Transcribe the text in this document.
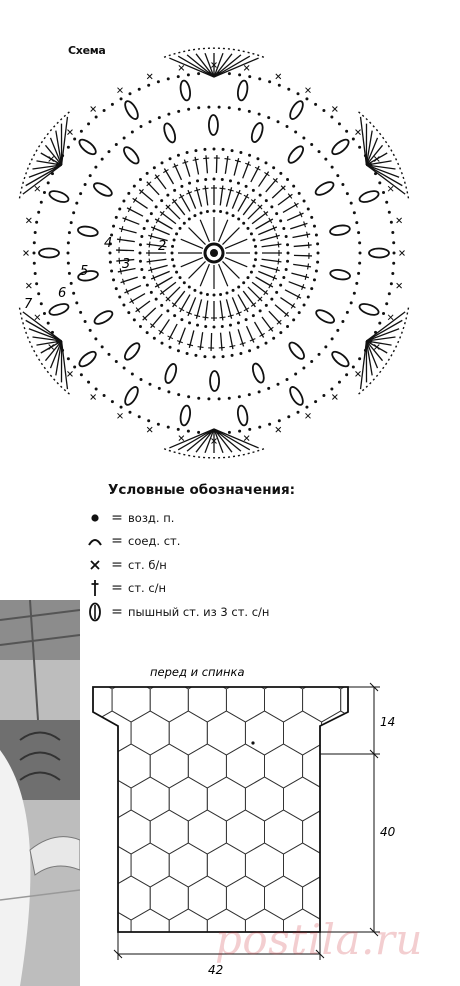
Схема
2
3
4
5
6
7
Условные обозначения:
= возд. п.
= соед. ст.
= ст. б/н
= ст. с/н
= пышный ст. из 3 ст. с/н
перед и спинка
14
40
42
postila.ru
